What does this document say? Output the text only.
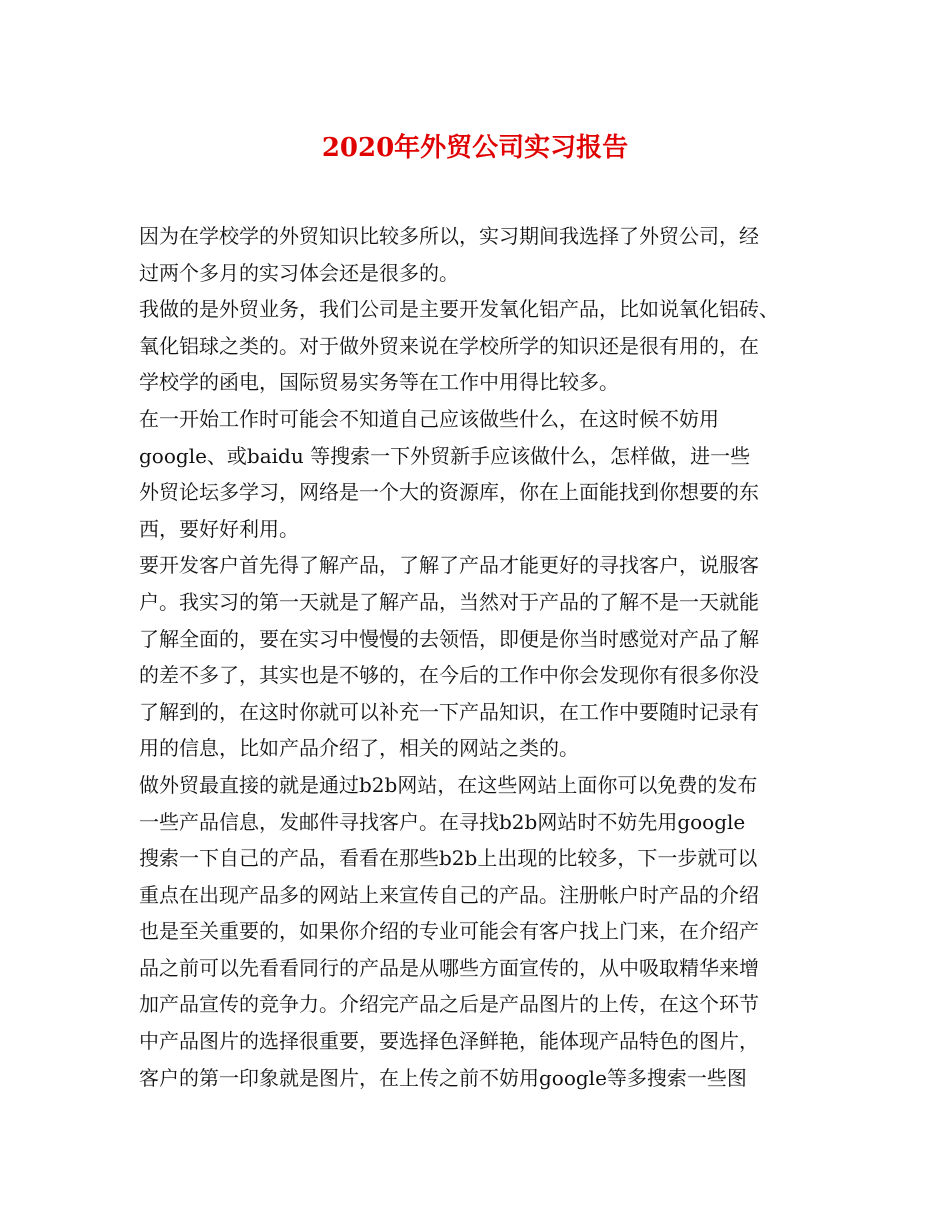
2020年外贸公司实习报告
因为在学校学的外贸知识比较多所以，实习期间我选择了外贸公司，经
过两个多月的实习体会还是很多的。
我做的是外贸业务，我们公司是主要开发氧化铝产品，比如说氧化铝砖、
氧化铝球之类的。对于做外贸来说在学校所学的知识还是很有用的，在
学校学的函电，国际贸易实务等在工作中用得比较多。
在一开始工作时可能会不知道自己应该做些什么，在这时候不妨用
google、或baidu 等搜索一下外贸新手应该做什么，怎样做，进一些
外贸论坛多学习，网络是一个大的资源库，你在上面能找到你想要的东
西，要好好利用。
要开发客户首先得了解产品，了解了产品才能更好的寻找客户，说服客
户。我实习的第一天就是了解产品，当然对于产品的了解不是一天就能
了解全面的，要在实习中慢慢的去领悟，即便是你当时感觉对产品了解
的差不多了，其实也是不够的，在今后的工作中你会发现你有很多你没
了解到的，在这时你就可以补充一下产品知识，在工作中要随时记录有
用的信息，比如产品介绍了，相关的网站之类的。
做外贸最直接的就是通过b2b网站，在这些网站上面你可以免费的发布
一些产品信息，发邮件寻找客户。在寻找b2b网站时不妨先用google
搜索一下自己的产品，看看在那些b2b上出现的比较多，下一步就可以
重点在出现产品多的网站上来宣传自己的产品。注册帐户时产品的介绍
也是至关重要的，如果你介绍的专业可能会有客户找上门来，在介绍产
品之前可以先看看同行的产品是从哪些方面宣传的，从中吸取精华来增
加产品宣传的竞争力。介绍完产品之后是产品图片的上传，在这个环节
中产品图片的选择很重要，要选择色泽鲜艳，能体现产品特色的图片，
客户的第一印象就是图片，在上传之前不妨用google等多搜索一些图
